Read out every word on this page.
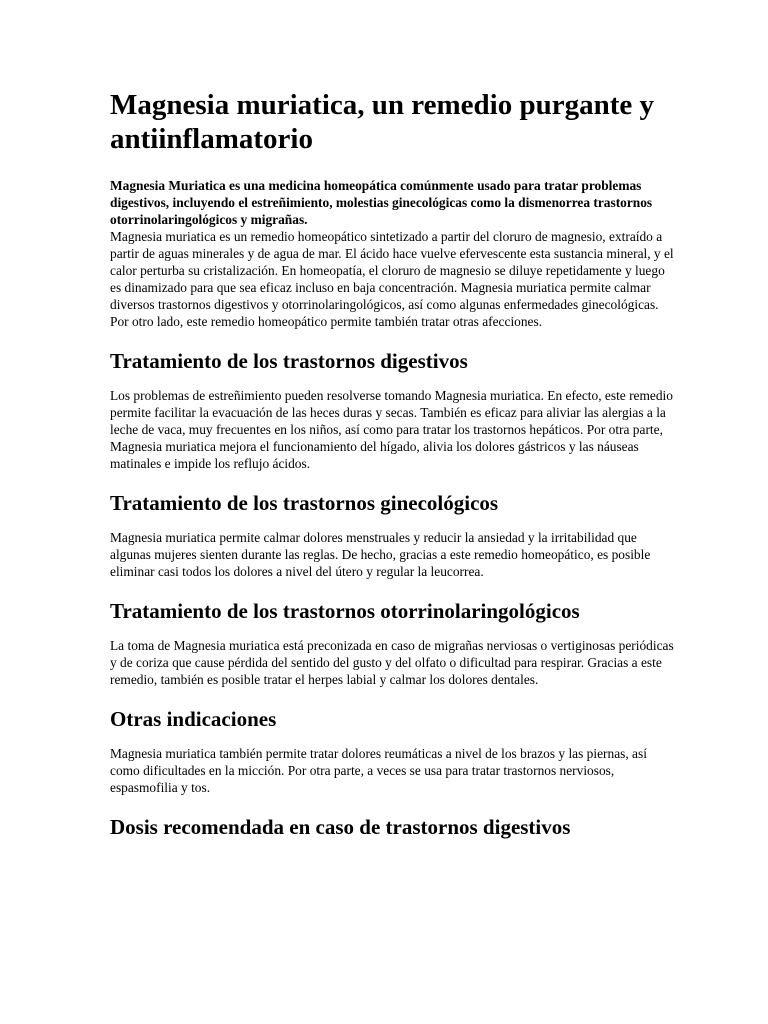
Magnesia muriatica, un remedio purgante y antiinflamatorio

Magnesia Muriatica es una medicina homeopática comúnmente usado para tratar problemas digestivos, incluyendo el estreñimiento, molestias ginecológicas como la dismenorrea trastornos otorrinolaringológicos y migrañas.

Magnesia muriatica es un remedio homeopático sintetizado a partir del cloruro de magnesio, extraído a partir de aguas minerales y de agua de mar. El ácido hace vuelve efervescente esta sustancia mineral, y el calor perturba su cristalización. En homeopatía, el cloruro de magnesio se diluye repetidamente y luego es dinamizado para que sea eficaz incluso en baja concentración. Magnesia muriatica permite calmar diversos trastornos digestivos y otorrinolaringológicos, así como algunas enfermedades ginecológicas. Por otro lado, este remedio homeopático permite también tratar otras afecciones.

Tratamiento de los trastornos digestivos

Los problemas de estreñimiento pueden resolverse tomando Magnesia muriatica. En efecto, este remedio permite facilitar la evacuación de las heces duras y secas. También es eficaz para aliviar las alergias a la leche de vaca, muy frecuentes en los niños, así como para tratar los trastornos hepáticos. Por otra parte, Magnesia muriatica mejora el funcionamiento del hígado, alivia los dolores gástricos y las náuseas matinales e impide los reflujo ácidos.

Tratamiento de los trastornos ginecológicos

Magnesia muriatica permite calmar dolores menstruales y reducir la ansiedad y la irritabilidad que algunas mujeres sienten durante las reglas. De hecho, gracias a este remedio homeopático, es posible eliminar casi todos los dolores a nivel del útero y regular la leucorrea.

Tratamiento de los trastornos otorrinolaringológicos

La toma de Magnesia muriatica está preconizada en caso de migrañas nerviosas o vertiginosas periódicas y de coriza que cause pérdida del sentido del gusto y del olfato o dificultad para respirar. Gracias a este remedio, también es posible tratar el herpes labial y calmar los dolores dentales.

Otras indicaciones

Magnesia muriatica también permite tratar dolores reumáticas a nivel de los brazos y las piernas, así como dificultades en la micción. Por otra parte, a veces se usa para tratar trastornos nerviosos, espasmofilia y tos.

Dosis recomendada en caso de trastornos digestivos
